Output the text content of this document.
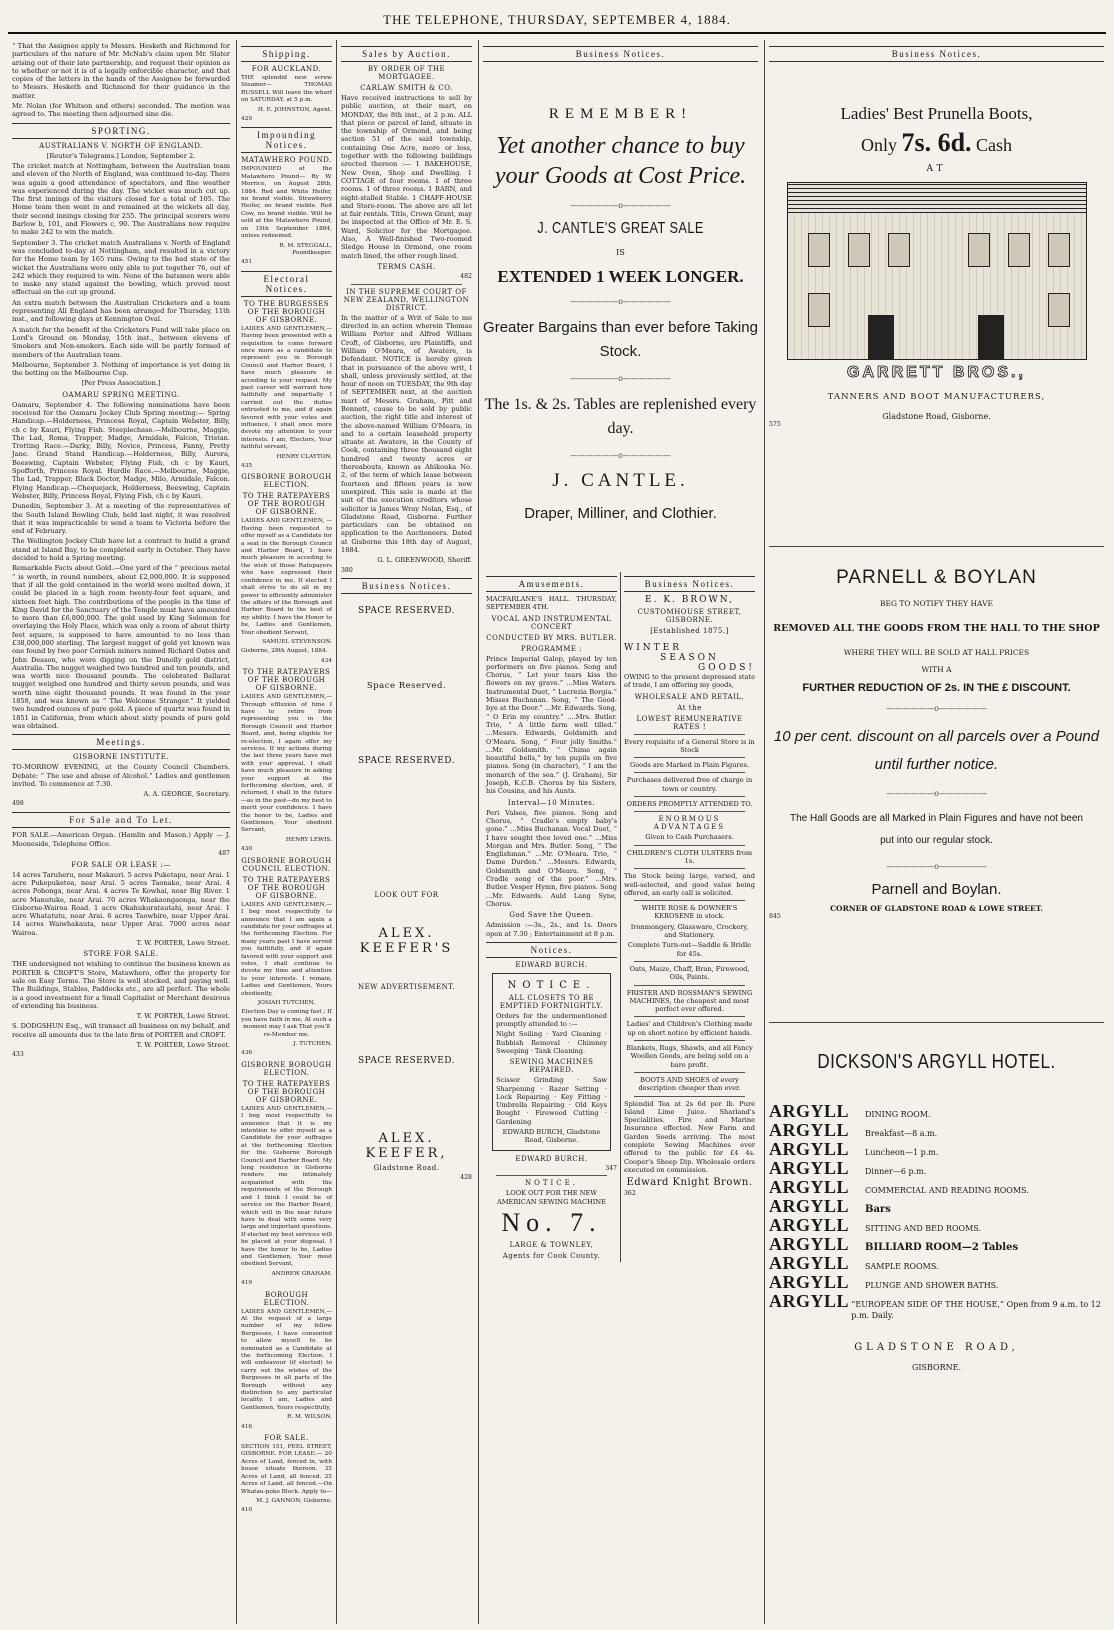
THE TELEPHONE, THURSDAY, SEPTEMBER 4, 1884.

“ That the Assignee apply to Messrs. Hesketh and Richmond for particulars of the nature of Mr. McNab's claim upon Mr. Slater arising out of their late partnership, and request their opinion as to whether or not it is of a legally enforcible character, and that copies of the letters in the hands of the Assignee be forwarded to Messrs. Hesketh and Richmond for their guidance in the matter.

Mr. Nolan (for Whitson and others) seconded. The motion was agreed to. The meeting then adjourned sine die.

SPORTING.
AUSTRALIANS V. NORTH OF ENGLAND.

[Reuter's Telegrams.] London, September 2.

The cricket match at Nottingham, between the Australian team and eleven of the North of England, was continued to-day. There was again a good attendance of spectators, and fine weather was experienced during the day. The wicket was much cut up. The first innings of the visitors closed for a total of 105. The Home team then went in and remained at the wickets all day, their second innings closing for 255. The principal scorers were Barlow b, 101, and Flowers c, 90. The Australians now require to make 242 to win the match.

September 3. The cricket match Australians v. North of England was concluded to-day at Nottingham, and resulted in a victory for the Home team by 165 runs. Owing to the bad state of the wicket the Australians were only able to put together 76, out of 242 which they required to win. None of the batsmen were able to make any stand against the bowling, which proved most effectual on the cut up ground.

An extra match between the Australian Cricketers and a team representing All England has been arranged for Thursday, 11th inst., and following days at Kennington Oval.

A match for the benefit of the Cricketers Fund will take place on Lord's Ground on Monday, 15th inst., between elevens of Smokers and Non-smokers. Each side will be partly formed of members of the Australian team.

Melbourne, September 3. Nothing of importance is yet doing in the betting on the Melbourne Cup.

[Per Press Association.]

OAMARU SPRING MEETING.

Oamaru, September 4. The following nominations have been received for the Oamaru Jockey Club Spring meeting:— Spring Handicap.—Holderness, Princess Royal, Captain Webster, Billy, ch c by Kauri, Flying Fish. Steeplechase.—Melbourne, Maggie, The Lad, Roma, Trapper, Madge, Armidale, Falcon, Tristan. Trotting Race.—Darky, Billy, Novice, Princess, Fanny, Pretty Jane. Grand Stand Handicap.—Holderness, Billy, Aurora, Beeswing, Captain Webster, Flying Fish, ch c by Kauri, Spofforth, Princess Royal. Hurdle Race.—Melbourne, Maggie, The Lad, Trapper, Black Doctor, Madge, Milo, Armidale, Falcon. Flying Handicap.—Chequejack, Holderness, Beeswing, Captain Webster, Billy, Princess Royal, Flying Fish, ch c by Kauri.

Dunedin, September 3. At a meeting of the representatives of the South Island Bowling Club, held last night, it was resolved that it was impracticable to send a team to Victoria before the end of February.

The Wellington Jockey Club have let a contract to build a grand stand at Island Bay, to be completed early in October. They have decided to hold a Spring meeting.

Remarkable Facts about Gold.—One yard of the “ precious metal ” is worth, in round numbers, about £2,000,000. It is supposed that if all the gold contained in the world were melted down, it could be placed in a high room twenty-four feet square, and sixteen feet high. The contributions of the people in the time of King David for the Sanctuary of the Temple must have amounted to more than £6,800,000. The gold used by King Solomon for overlaying the Holy Place, which was only a room of about thirty feet square, is supposed to have amounted to no less than £38,000,000 sterling. The largest nugget of gold yet known was one found by two poor Cornish miners named Richard Oates and John Deason, who were digging on the Dunolly gold district, Australia. The nugget weighed two hundred and ten pounds, and was worth nice thousand pounds. The celebrated Ballarat nugget weighed one hundred and thirty seven pounds, and was worth nine eight thousand pounds. It was found in the year 1858, and was known as “ The Welcome Stranger.” It yielded two hundred ounces of pure gold. A piece of quartz was found in 1851 in California, from which about sixty pounds of pure gold was obtained.

Meetings.
GISBORNE INSTITUTE.

TO-MORROW EVENING, at the County Council Chambers. Debate: “ The use and abuse of Alcohol.” Ladies and gentlemen invited. To commence at 7.30.

A. A. GEORGE, Secretary.

498

For Sale and To Let.

FOR SALE.—American Organ. (Hamlin and Mason.) Apply — J. Mooneside, Telephone Office.

487

FOR SALE OR LEASE :—

14 acres Taruheru, near Makauri. 5 acres Puketapu, near Arai. 1 acre Pukepuketoa, near Arai. 5 acres Taonako, near Arai. 4 acres Pohonga, near Arai. 4 acres Te Kowhai, near Big River. 1 acre Manutuke, near Arai. 70 acres Whakaongaonga, near the Gisborne-Wairoa Road. 1 acre Okahukuratautahi, near Arai. 1 acre Whatatutu, near Arai. 6 acres Taowhiro, near Upper Arai. 14 acres Waiwhakauta, near Upper Arai. 7000 acres near Wairoa.

T. W. PORTER, Lowe Street.

STORE FOR SALE.

THE undersigned not wishing to continue the business known as PORTER & CROFT'S Store, Matawhero, offer the property for sale on Easy Terms. The Store is well stocked, and paying well. The Buildings, Stables, Paddocks etc., are all perfect. The whole is a good investment for a Small Capitalist or Merchant desirous of extending his business.

T. W. PORTER, Lowe Street.

S. DODGSHUN Esq., will transact all business on my behalf, and receive all amounts due to the late firm of PORTER and CROFT.

T. W. PORTER, Lowe Street.

433

Shipping.
FOR AUCKLAND.

THE splendid new screw Steamer— THOMAS RUSSELL Will leave the wharf on SATURDAY, at 5 p.m.

H. E. JOHNSTON, Agent.

429

Impounding Notices.
MATAWHERO POUND.

IMPOUNDED at the Matawhero Pound— By W. Morrice, on August 28th, 1884. Red and White Heifer, no brand visible. Strawberry Heifer, no brand visible. Red Cow, no brand visible. Will be sold at the Matawhero Pound, on 15th September 1884, unless redeemed.

R. M. STEGGALL, Poundkeeper.

451

Electoral Notices.
TO THE BURGESSES OF THE BOROUGH OF GISBORNE.

LADIES AND GENTLEMEN,—Having been presented with a requisition to come forward once more as a candidate to represent you in Borough Council and Harbor Board, I have much pleasure in acceding to your request. My past career will warrant how faithfully and impartially I carried out the duties entrusted to me, and if again favored with your votes and influence, I shall once more devote my attention to your interests. I am, Electors, Your faithful servant,

HENRY CLAYTON.

435

GISBORNE BOROUGH ELECTION.
TO THE RATEPAYERS OF THE BOROUGH OF GISBORNE.

LADIES AND GENTLEMEN, — Having been requested to offer myself as a Candidate for a seat in the Borough Council and Harbor Board, I have much pleasure in acceding to the wish of those Ratepayers who have expressed their confidence in me. If elected I shall strive to do all in my power to efficiently administer the affairs of the Borough and Harbor Board to the best of my ability. I have the Honor to be, Ladies and Gentlemen, Your obedient Servant,

SAMUEL STEVENSON.

Gisborne, 28th August, 1884.

434

TO THE RATEPAYERS OF THE BOROUGH OF GISBORNE.

LADIES AND GENTLEMEN,—Through effluxion of time I have to retire from representing you in the Borough Council and Harbor Board, and, being eligible for re-election, I again offer my services. If my actions during the last three years have met with your approval, I shall have much pleasure in asking your support at the forthcoming election, and, if returned, I shall in the future—as in the past—do my best to merit your confidence. I have the honor to be, Ladies and Gentlemen, Your obedient Servant,

HENRY LEWIS.

430

GISBORNE BOROUGH COUNCIL ELECTION.
TO THE RATEPAYERS OF THE BOROUGH OF GISBORNE.

LADIES AND GENTLEMEN,—I beg most respectfully to announce that I am again a candidate for your suffrages at the forthcoming Election. For many years past I have served you faithfully, and if again favored with your support and votes, I shall continue to devote my time and attention to your interests. I remain, Ladies and Gentlemen, Yours obediently,

JOSIAH TUTCHEN.

Election Day is coming fast ; If you have faith in me, At such a moment may I ask That you'll re-Member me.

J. TUTCHEN.

436

GISBORNE BOROUGH ELECTION.
TO THE RATEPAYERS OF THE BOROUGH OF GISBORNE.

LADIES AND GENTLEMEN,—I beg most respectfully to announce that it is my intention to offer myself as a Candidate for your suffrages at the forthcoming Election for the Gisborne Borough Council and Harbor Board. My long residence in Gisborne renders me intimately acquainted with the requirements of the Borough and I think I could be of service on the Harbor Board, which will in the near future have to deal with some very large and important questions. If elected my best services will be placed at your disposal. I have the honor to be, Ladies and Gentlemen, Your most obedient Servant,

ANDREW GRAHAM.

419

BOROUGH ELECTION.

LADIES AND GENTLEMEN,—At the request of a large number of my fellow Burgesses, I have consented to allow myself to be nominated as a Candidate at the forthcoming Election. I will endeavour (if elected) to carry out the wishes of the Burgesses in all parts of the Borough without any distinction to any particular locality. I am, Ladies and Gentlemen, Yours respectfully,

R. M. WILSON.

416

FOR SALE.

SECTION 151, PEEL STREET, GISBORNE. FOR LEASE.— 20 Acres of Land, fenced in, with house situate thereon. 35 Acres of Land, all fenced. 25 Acres of Land, all fenced.—On Whatau-poko Block. Apply to—

M. J. GANNON, Gisborne.

410

Sales by Auction.
BY ORDER OF THE MORTGAGEE.
CARLAW SMITH & CO.

Have received instructions to sell by public auction, at their mart, on MONDAY, the 8th inst., at 2 p.m. ALL that piece or parcel of land, situate in the township of Ormond, and being section 51 of the said township, containing One Acre, more or less, together with the following buildings erected thereon :— 1 BAKEHOUSE, New Oven, Shop and Dwelling. 1 COTTAGE of four rooms. 1 of three rooms. 1 of three rooms. 1 BARN, and eight-stalled Stable. 1 CHAFF-HOUSE and Store-room. The above are all let at fair rentals. Title, Crown Grant, may be inspected at the Office of Mr. E. S. Ward, Solicitor for the Mortgagee. Also, A Well-finished Two-roomed Sledge House in Ormond, one room match lined, the other rough lined.

TERMS CASH.

482

IN THE SUPREME COURT OF NEW ZEALAND, WELLINGTON DISTRICT.

In the matter of a Writ of Sale to me directed in an action wherein Thomas William Porter and Alfred William Croft, of Gisborne, are Plaintiffs, and William O'Meara, of Awatere, is Defendant. NOTICE is hereby given that in pursuance of the above writ, I shall, unless previously settled, at the hour of noon on TUESDAY, the 9th day of SEPTEMBER next, at the auction mart of Messrs. Graham, Pitt and Bennett, cause to be sold by public auction, the right title and interest of the above-named William O'Meara, in and to a certain leasehold property situate at Awatere, in the County of Cook, containing three thousand eight hundred and twenty acres or thereabouts, known as Ahikouka No. 2, of the term of which lease between fourteen and fifteen years is now unexpired. This sale is made at the suit of the execution creditors whose solicitor is James Wray Nolan, Esq., of Gladstone Road, Gisborne. Further particulars can be obtained on application to the Auctioneers. Dated at Gisborne this 18th day of August, 1884.

G. L. GREENWOOD, Sheriff.

380

Business Notices.
SPACE RESERVED.
Space Reserved.
SPACE RESERVED.
LOOK OUT FOR
ALEX. KEEFER'S
NEW ADVERTISEMENT.
SPACE RESERVED.
ALEX. KEEFER,
Gladstone Road.

428

Business Notices.
REMEMBER!
Yet another chance to buy your Goods at Cost Price.
——————o——————
J. CANTLE'S GREAT SALE
IS
EXTENDED 1 WEEK LONGER.
——————o——————
Greater Bargains than ever before Taking Stock.
——————o——————
The 1s. & 2s. Tables are replenished every day.
——————o——————
J. CANTLE.
Draper, Milliner, and Clothier.
Amusements.

MACFARLANE'S HALL. THURSDAY, SEPTEMBER 4TH.

VOCAL AND INSTRUMENTAL CONCERT
CONDUCTED BY MRS. BUTLER.
PROGRAMME :

Prince Imperial Galop, played by ten performers on five pianos. Song and Chorus, “ Let your tears kiss the flowers on my grave.” ...Miss Waters. Instrumental Duet, “ Lucrezia Borgia.” Misses Buchanan. Song, “ The Good-bye at the Door.” ...Mr. Edwards. Song, “ O Erin my country.” ....Mrs. Butler. Trio, “ A little farm well tilled.” ...Messrs. Edwards, Goldsmith and O'Meara. Song, “ Four jolly Smiths.” ...Mr. Goldsmith. “ Chime again beautiful bells,” by ten pupils on five pianos. Song (in character), “ I am the monarch of the sea.” (J. Graham), Sir Joseph, K.C.B. Chorus by his Sisters, his Cousins, and his Aunts.

Interval—10 Minutes.

Peri Valses, five pianos. Song and Chorus, “ Cradle's empty baby's gone.” ...Miss Buchanan. Vocal Duet, “ I have sought thee loved one.” ...Miss Morgan and Mrs. Butler. Song, “ The Englishman.” ...Mr. O'Meara. Trio, “ Dame Durden.” ...Messrs. Edwards, Goldsmith and O'Meara. Song, “ Cradle song of the poor.” ...Mrs. Butler. Vesper Hymn, five pianos. Song ...Mr. Edwards. Auld Lang Syne, Chorus.

God Save the Queen.

Admission :—3s., 2s., and 1s. Doors open at 7.30 ; Entertainment at 8 p.m.

Notices.
EDWARD BURCH.
NOTICE.
ALL CLOSETS TO BE EMPTIED FORTNIGHTLY.

Orders for the undermentioned promptly attended to :—

Night Soiling · Yard Cleaning · Rubbish Removal · Chimney Sweeping · Tank Cleaning.

SEWING MACHINES REPAIRED.

Scissor Grinding · Saw Sharpening · Razor Setting · Lock Repairing · Key Fitting · Umbrella Repairing · Old Keys Bought · Firewood Cutting · Gardening

EDWARD BURCH, Gladstone Road, Gisborne.

EDWARD BURCH.

347

NOTICE.

LOOK OUT FOR THE NEW AMERICAN SEWING MACHINE

No. 7.
LARGE & TOWNLEY,
Agents for Cook County.
Business Notices.
E. K. BROWN,
CUSTOMHOUSE STREET, GISBORNE.
[Established 1875.]
WINTER
SEASON
GOODS!

OWING to the present depressed state of trade, I am offering my goods,

WHOLESALE AND RETAIL,
At the
LOWEST REMUNERATIVE RATES !

Every requisite of a General Store is in Stock

Goods are Marked in Plain Figures.

Purchases delivered free of charge in town or country.

ORDERS PROMPTLY ATTENDED TO.

ENORMOUS ADVANTAGES

Given to Cash Purchasers.

CHILDREN'S CLOTH ULSTERS from 1s.

The Stock being large, varied, and well-selected, and good value being offered, an early call is solicited.

WHITE ROSE & DOWNER'S KEROSENE in stock.

Ironmongery, Glassware, Crockery, and Stationery.

Complete Turn-out—Saddle & Bridle for 45s.

Oats, Maize, Chaff, Bran, Firewood, Oils, Paints.

FRISTER AND ROSSMAN'S SEWING MACHINES, the cheapest and most perfect ever offered.

Ladies' and Children's Clothing made up on short notice by efficient hands.

Blankets, Rugs, Shawls, and all Fancy Woollen Goods, are being sold on a bare profit.

BOOTS AND SHOES of every description cheaper than ever.

Splendid Tea at 2s 6d per lb. Pure Island Lime Juice. Sharland's Specialities. Fire and Marine Insurance effected. New Farm and Garden Seeds arriving. The most complete Sewing Machines ever offered to the public for £4 4s. Cooper's Sheep Dip. Wholesale orders executed on commission.

Edward Knight Brown.

362

Business Notices.
Ladies' Best Prunella Boots,
Only 7s. 6d. Cash
AT
GARRETT BROS.,
TANNERS AND BOOT MANUFACTURERS,
Gladstone Road, Gisborne.

575

PARNELL & BOYLAN
BEG TO NOTIFY THEY HAVE
REMOVED ALL THE GOODS FROM THE HALL TO THE SHOP
WHERE THEY WILL BE SOLD AT HALL PRICES
WITH A
FURTHER REDUCTION OF 2s. IN THE £ DISCOUNT.
——————o——————
10 per cent. discount on all parcels over a Pound until further notice.
——————o——————
The Hall Goods are all Marked in Plain Figures and have not been put into our regular stock.
——————o——————
Parnell and Boylan.
CORNER OF GLADSTONE ROAD & LOWE STREET.

845

DICKSON'S ARGYLL HOTEL.
ARGYLL	DINING ROOM.
ARGYLL	Breakfast—8 a.m.
ARGYLL	Luncheon—1 p.m.
ARGYLL	Dinner—6 p.m.
ARGYLL	COMMERCIAL AND READING ROOMS.
ARGYLL	Bars
ARGYLL	SITTING AND BED ROOMS.
ARGYLL	BILLIARD ROOM—2 Tables
ARGYLL	SAMPLE ROOMS.
ARGYLL	PLUNGE AND SHOWER BATHS.
ARGYLL “EUROPEAN SIDE OF THE HOUSE,” Open from 9 a.m. to 12 p.m. Daily.
GLADSTONE ROAD,
GISBORNE.
